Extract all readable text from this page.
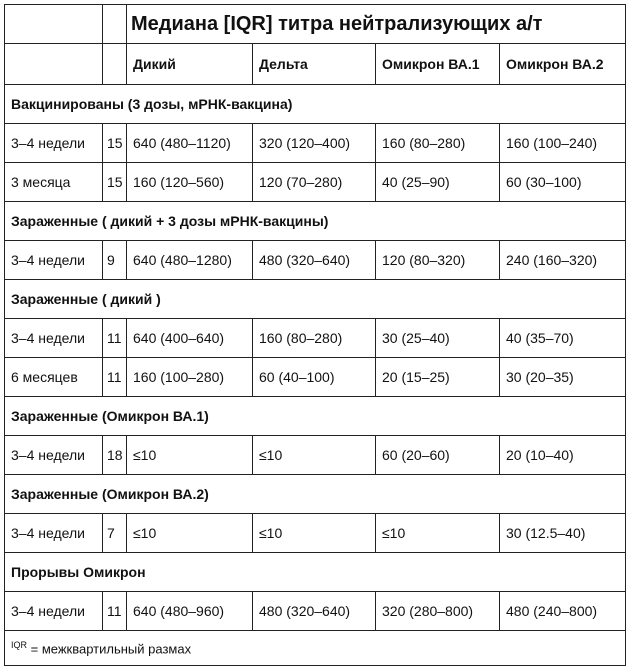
		Медиана [IQR] титра нейтрализующих а/т			
		Дикий	Дельта	Омикрон ВА.1	Омикрон ВА.2
Вакцинированы (3 дозы, мРНК-вакцина)					
3–4 недели	15	640 (480–1120)	320 (120–400)	160 (80–280)	160 (100–240)
3 месяца	15	160 (120–560)	120 (70–280)	40 (25–90)	60 (30–100)
Зараженные ( дикий + 3 дозы мРНК-вакцины)					
3–4 недели	9	640 (480–1280)	480 (320–640)	120 (80–320)	240 (160–320)
Зараженные ( дикий )					
3–4 недели	11	640 (400–640)	160 (80–280)	30 (25–40)	40 (35–70)
6 месяцев	11	160 (100–280)	60 (40–100)	20 (15–25)	30 (20–35)
Зараженные (Омикрон ВА.1)					
3–4 недели	18	≤10	≤10	60 (20–60)	20 (10–40)
Зараженные (Омикрон ВА.2)					
3–4 недели	7	≤10	≤10	≤10	30 (12.5–40)
Прорывы Омикрон					
3–4 недели	11	640 (480–960)	480 (320–640)	320 (280–800)	480 (240–800)
$^{IQR}$ = межквартильный размах					
